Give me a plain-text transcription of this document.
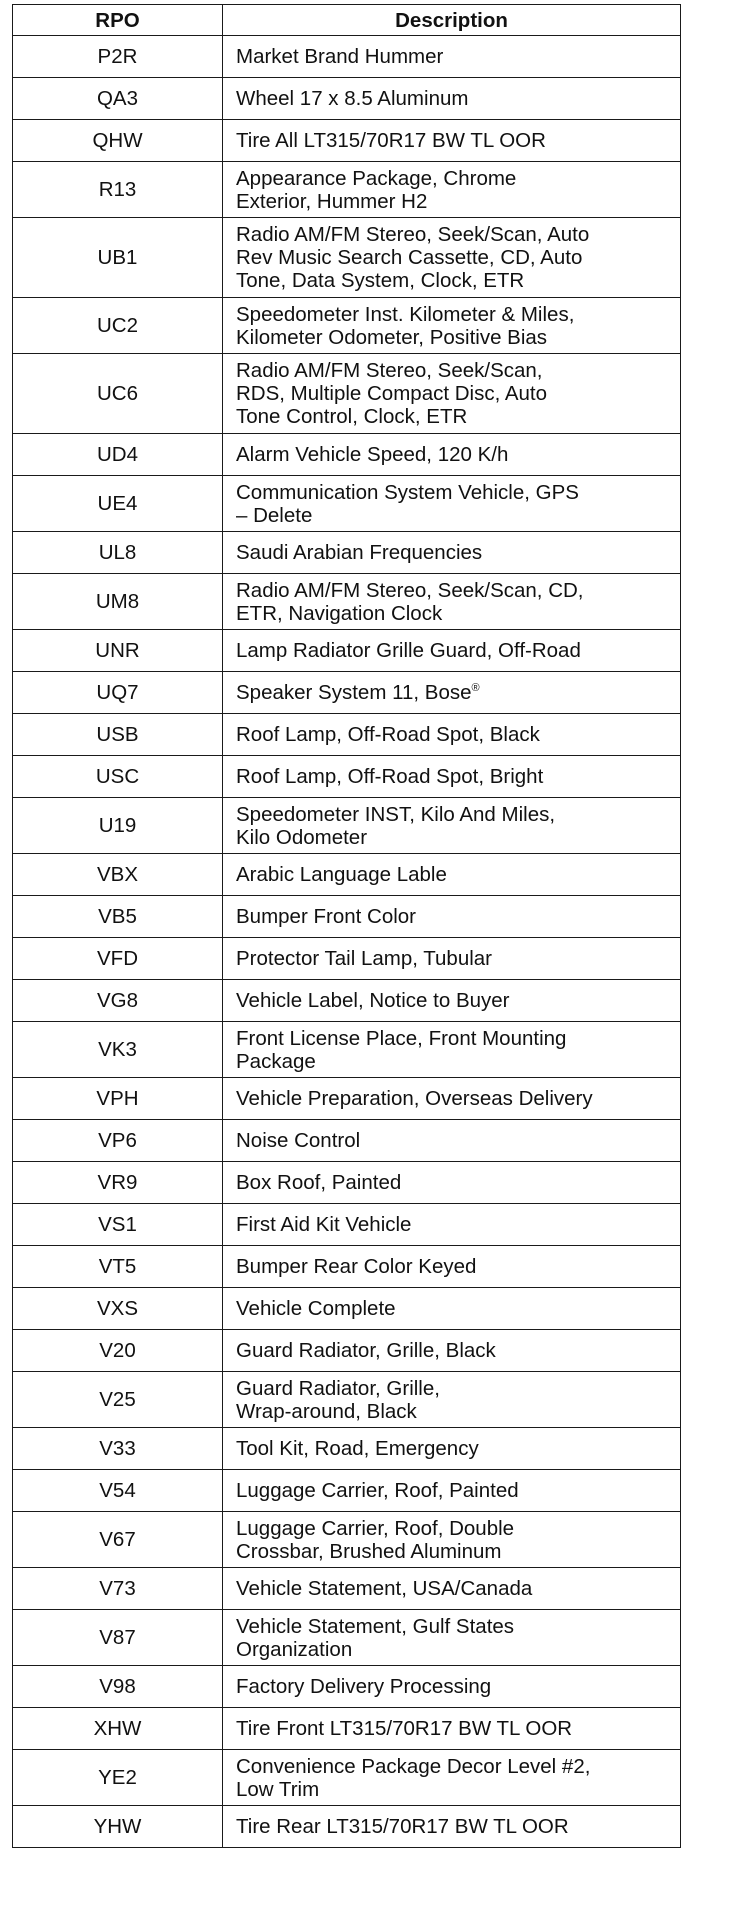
RPO	Description
P2R	Market Brand Hummer

QA3	Wheel 17 x 8.5 Aluminum

QHW	Tire All LT315/70R17 BW TL OOR

R13	Appearance Package, Chrome
Exterior, Hummer H2

UB1	Radio AM/FM Stereo, Seek/Scan, Auto
Rev Music Search Cassette, CD, Auto
Tone, Data System, Clock, ETR

UC2	Speedometer Inst. Kilometer & Miles,
Kilometer Odometer, Positive Bias

UC6	Radio AM/FM Stereo, Seek/Scan,
RDS, Multiple Compact Disc, Auto
Tone Control, Clock, ETR

UD4	Alarm Vehicle Speed, 120 K/h

UE4	Communication System Vehicle, GPS
– Delete

UL8	Saudi Arabian Frequencies

UM8	Radio AM/FM Stereo, Seek/Scan, CD,
ETR, Navigation Clock

UNR	Lamp Radiator Grille Guard, Off-Road

UQ7	Speaker System 11, Bose®

USB	Roof Lamp, Off-Road Spot, Black

USC	Roof Lamp, Off-Road Spot, Bright

U19	Speedometer INST, Kilo And Miles,
Kilo Odometer

VBX	Arabic Language Lable

VB5	Bumper Front Color

VFD	Protector Tail Lamp, Tubular

VG8	Vehicle Label, Notice to Buyer

VK3	Front License Place, Front Mounting
Package

VPH	Vehicle Preparation, Overseas Delivery

VP6	Noise Control

VR9	Box Roof, Painted

VS1	First Aid Kit Vehicle

VT5	Bumper Rear Color Keyed

VXS	Vehicle Complete

V20	Guard Radiator, Grille, Black

V25	Guard Radiator, Grille,
Wrap-around, Black

V33	Tool Kit, Road, Emergency

V54	Luggage Carrier, Roof, Painted

V67	Luggage Carrier, Roof, Double
Crossbar, Brushed Aluminum

V73	Vehicle Statement, USA/Canada

V87	Vehicle Statement, Gulf States
Organization

V98	Factory Delivery Processing

XHW	Tire Front LT315/70R17 BW TL OOR

YE2	Convenience Package Decor Level #2,
Low Trim

YHW	Tire Rear LT315/70R17 BW TL OOR
